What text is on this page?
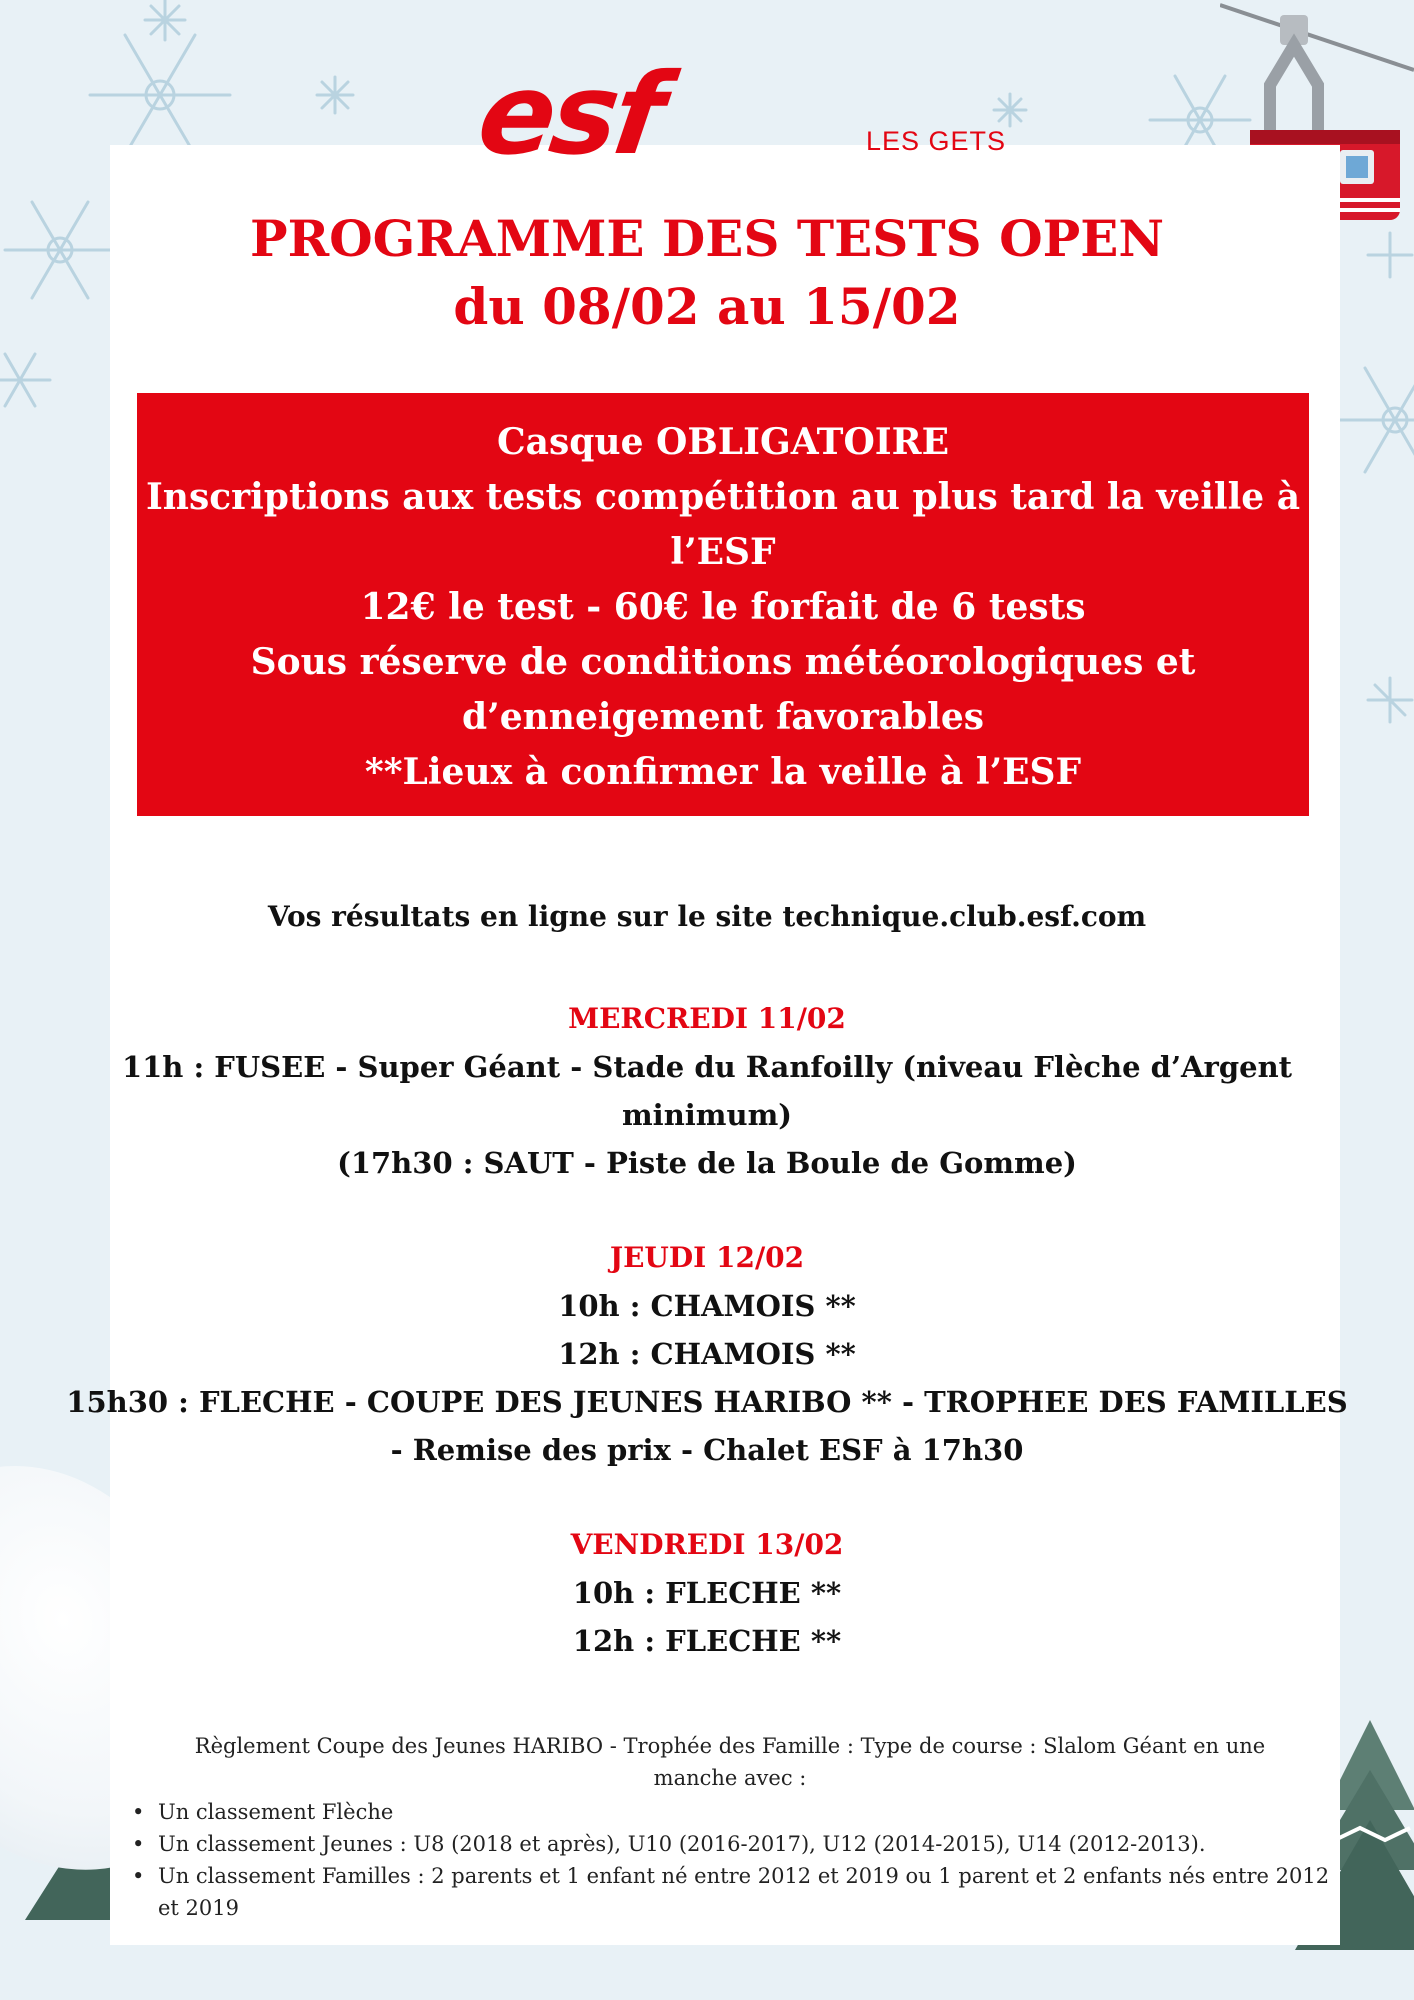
esf	LES GETS
PROGRAMME DES TESTS OPEN
du 08/02 au 15/02
Casque OBLIGATOIRE
Inscriptions aux tests compétition au plus tard la veille à
l’ESF
12€ le test - 60€ le forfait de 6 tests
Sous réserve de conditions météorologiques et
d’enneigement favorables
**Lieux à confirmer la veille à l’ESF
Vos résultats en ligne sur le site technique.club.esf.com
MERCREDI 11/02
11h : FUSEE - Super Géant - Stade du Ranfoilly (niveau Flèche d’Argent
minimum)
(17h30 : SAUT - Piste de la Boule de Gomme)
JEUDI 12/02
10h : CHAMOIS **
12h : CHAMOIS **
15h30 : FLECHE - COUPE DES JEUNES HARIBO ** - TROPHEE DES FAMILLES
- Remise des prix - Chalet ESF à 17h30
VENDREDI 13/02
10h : FLECHE **
12h : FLECHE **
Règlement Coupe des Jeunes HARIBO - Trophée des Famille : Type de course : Slalom Géant en une manche avec :
• Un classement Flèche
• Un classement Jeunes : U8 (2018 et après), U10 (2016-2017), U12 (2014-2015), U14 (2012-2013).
• Un classement Familles : 2 parents et 1 enfant né entre 2012 et 2019 ou 1 parent et 2 enfants nés entre 2012 et 2019
